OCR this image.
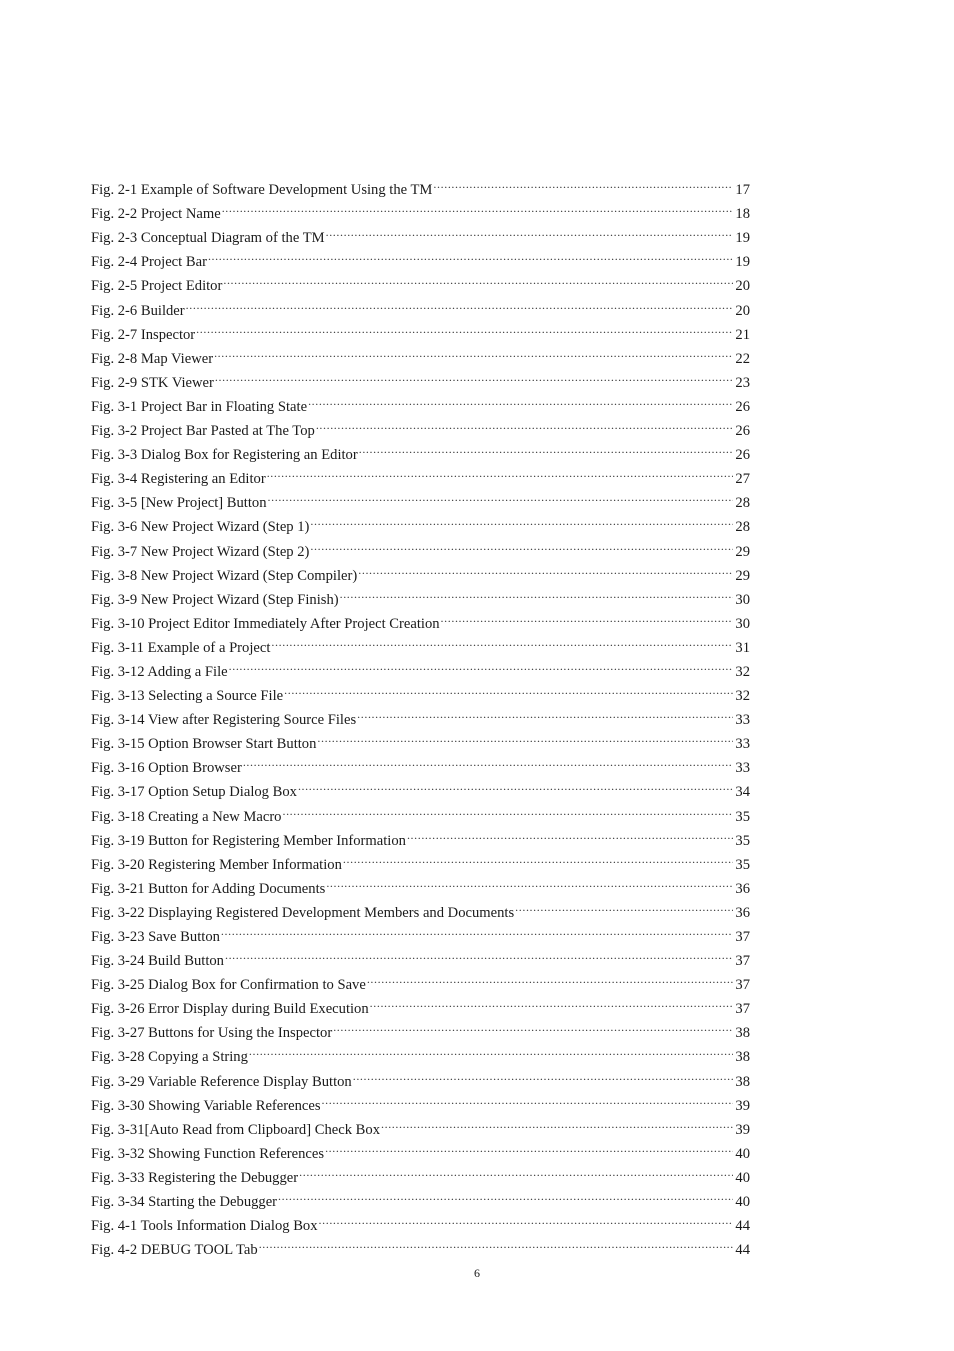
Fig. 2-1 Example of Software Development Using the TM .....	17
Fig. 2-2 Project Name .....	18
Fig. 2-3 Conceptual Diagram of the TM .....	19
Fig. 2-4 Project Bar .....	19
Fig. 2-5 Project Editor .....	20
Fig. 2-6 Builder .....	20
Fig. 2-7 Inspector .....	21
Fig. 2-8 Map Viewer .....	22
Fig. 2-9 STK Viewer .....	23
Fig. 3-1 Project Bar in Floating State .....	26
Fig. 3-2 Project Bar Pasted at The Top .....	26
Fig. 3-3 Dialog Box for Registering an Editor .....	26
Fig. 3-4 Registering an Editor .....	27
Fig. 3-5 [New Project] Button .....	28
Fig. 3-6 New Project Wizard (Step 1) .....	28
Fig. 3-7 New Project Wizard (Step 2) .....	29
Fig. 3-8 New Project Wizard (Step Compiler) .....	29
Fig. 3-9 New Project Wizard (Step Finish) .....	30
Fig. 3-10 Project Editor Immediately After Project Creation .....	30
Fig. 3-11 Example of a Project .....	31
Fig. 3-12 Adding a File .....	32
Fig. 3-13 Selecting a Source File .....	32
Fig. 3-14 View after Registering Source Files .....	33
Fig. 3-15 Option Browser Start Button .....	33
Fig. 3-16 Option Browser .....	33
Fig. 3-17 Option Setup Dialog Box .....	34
Fig. 3-18 Creating a New Macro .....	35
Fig. 3-19 Button for Registering Member Information .....	35
Fig. 3-20 Registering Member Information .....	35
Fig. 3-21 Button for Adding Documents .....	36
Fig. 3-22 Displaying Registered Development Members and Documents .....	36
Fig. 3-23 Save Button .....	37
Fig. 3-24 Build Button .....	37
Fig. 3-25 Dialog Box for Confirmation to Save .....	37
Fig. 3-26 Error Display during Build Execution .....	37
Fig. 3-27 Buttons for Using the Inspector .....	38
Fig. 3-28 Copying a String .....	38
Fig. 3-29 Variable Reference Display Button .....	38
Fig. 3-30 Showing Variable References .....	39
Fig. 3-31[Auto Read from Clipboard] Check Box .....	39
Fig. 3-32 Showing Function References .....	40
Fig. 3-33 Registering the Debugger .....	40
Fig. 3-34 Starting the Debugger .....	40
Fig. 4-1 Tools Information Dialog Box .....	44
Fig. 4-2 DEBUG TOOL Tab .....	44
6
